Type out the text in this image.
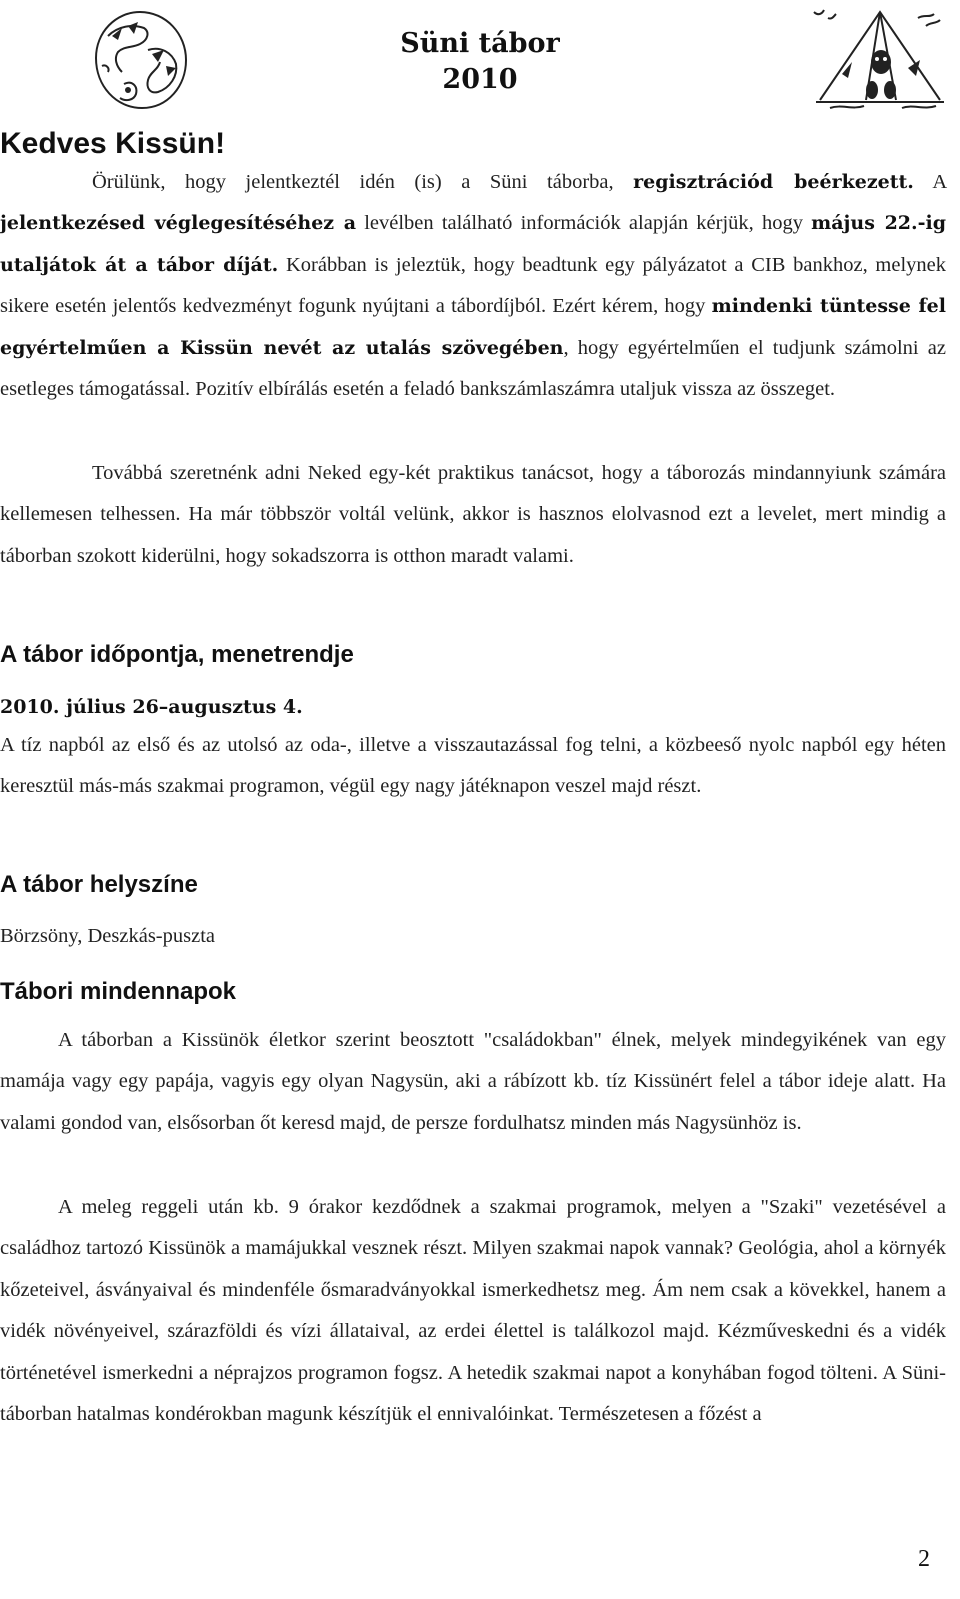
Süni tábor
2010
Kedves Kissün!

Örülünk, hogy jelentkeztél idén (is) a Süni táborba, regisztrációd beérkezett. A jelentkezésed véglegesítéséhez a levélben található információk alapján kérjük, hogy május 22.-ig utaljátok át a tábor díját. Korábban is jeleztük, hogy beadtunk egy pályázatot a CIB bankhoz, melynek sikere esetén jelentős kedvezményt fogunk nyújtani a tábordíjból. Ezért kérem, hogy mindenki tüntesse fel egyértelműen a Kissün nevét az utalás szövegében, hogy egyértelműen el tudjunk számolni az esetleges támogatással. Pozitív elbírálás esetén a feladó bankszámlaszámra utaljuk vissza az összeget.

Továbbá szeretnénk adni Neked egy-két praktikus tanácsot, hogy a táborozás mindannyiunk számára kellemesen telhessen. Ha már többször voltál velünk, akkor is hasznos elolvasnod ezt a levelet, mert mindig a táborban szokott kiderülni, hogy sokadszorra is otthon maradt valami.

A tábor időpontja, menetrendje

2010. július 26–augusztus 4.

A tíz napból az első és az utolsó az oda-, illetve a visszautazással fog telni, a közbeeső nyolc napból egy héten keresztül más-más szakmai programon, végül egy nagy játéknapon veszel majd részt.

A tábor helyszíne

Börzsöny, Deszkás-puszta

Tábori mindennapok

A táborban a Kissünök életkor szerint beosztott "családokban" élnek, melyek mindegyikének van egy mamája vagy egy papája, vagyis egy olyan Nagysün, aki a rábízott kb. tíz Kissünért felel a tábor ideje alatt. Ha valami gondod van, elsősorban őt keresd majd, de persze fordulhatsz minden más Nagysünhöz is.

A meleg reggeli után kb. 9 órakor kezdődnek a szakmai programok, melyen a "Szaki" vezetésével a családhoz tartozó Kissünök a mamájukkal vesznek részt. Milyen szakmai napok vannak? Geológia, ahol a környék kőzeteivel, ásványaival és mindenféle ősmaradványokkal ismerkedhetsz meg. Ám nem csak a kövekkel, hanem a vidék növényeivel, szárazföldi és vízi állataival, az erdei élettel is találkozol majd. Kézműveskedni és a vidék történetével ismerkedni a néprajzos programon fogsz. A hetedik szakmai napot a konyhában fogod tölteni. A Süni-táborban hatalmas kondérokban magunk készítjük el ennivalóinkat. Természetesen a főzést a

2
